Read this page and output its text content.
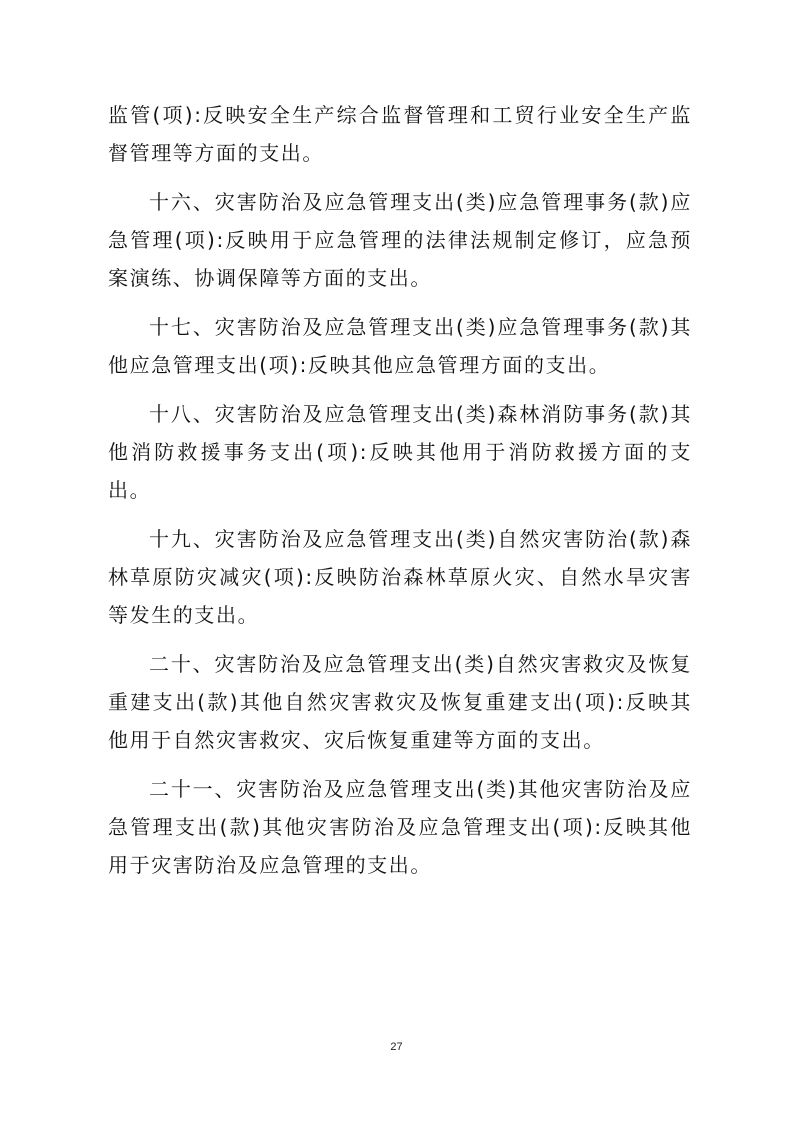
监管(项):反映安全生产综合监督管理和工贸行业安全生产监督管理等方面的支出。

十六、灾害防治及应急管理支出(类)应急管理事务(款)应急管理(项):反映用于应急管理的法律法规制定修订，应急预案演练、协调保障等方面的支出。

十七、灾害防治及应急管理支出(类)应急管理事务(款)其他应急管理支出(项):反映其他应急管理方面的支出。

十八、灾害防治及应急管理支出(类)森林消防事务(款)其他消防救援事务支出(项):反映其他用于消防救援方面的支出。

十九、灾害防治及应急管理支出(类)自然灾害防治(款)森林草原防灾减灾(项):反映防治森林草原火灾、自然水旱灾害等发生的支出。

二十、灾害防治及应急管理支出(类)自然灾害救灾及恢复重建支出(款)其他自然灾害救灾及恢复重建支出(项):反映其他用于自然灾害救灾、灾后恢复重建等方面的支出。

二十一、灾害防治及应急管理支出(类)其他灾害防治及应急管理支出(款)其他灾害防治及应急管理支出(项):反映其他用于灾害防治及应急管理的支出。

27
